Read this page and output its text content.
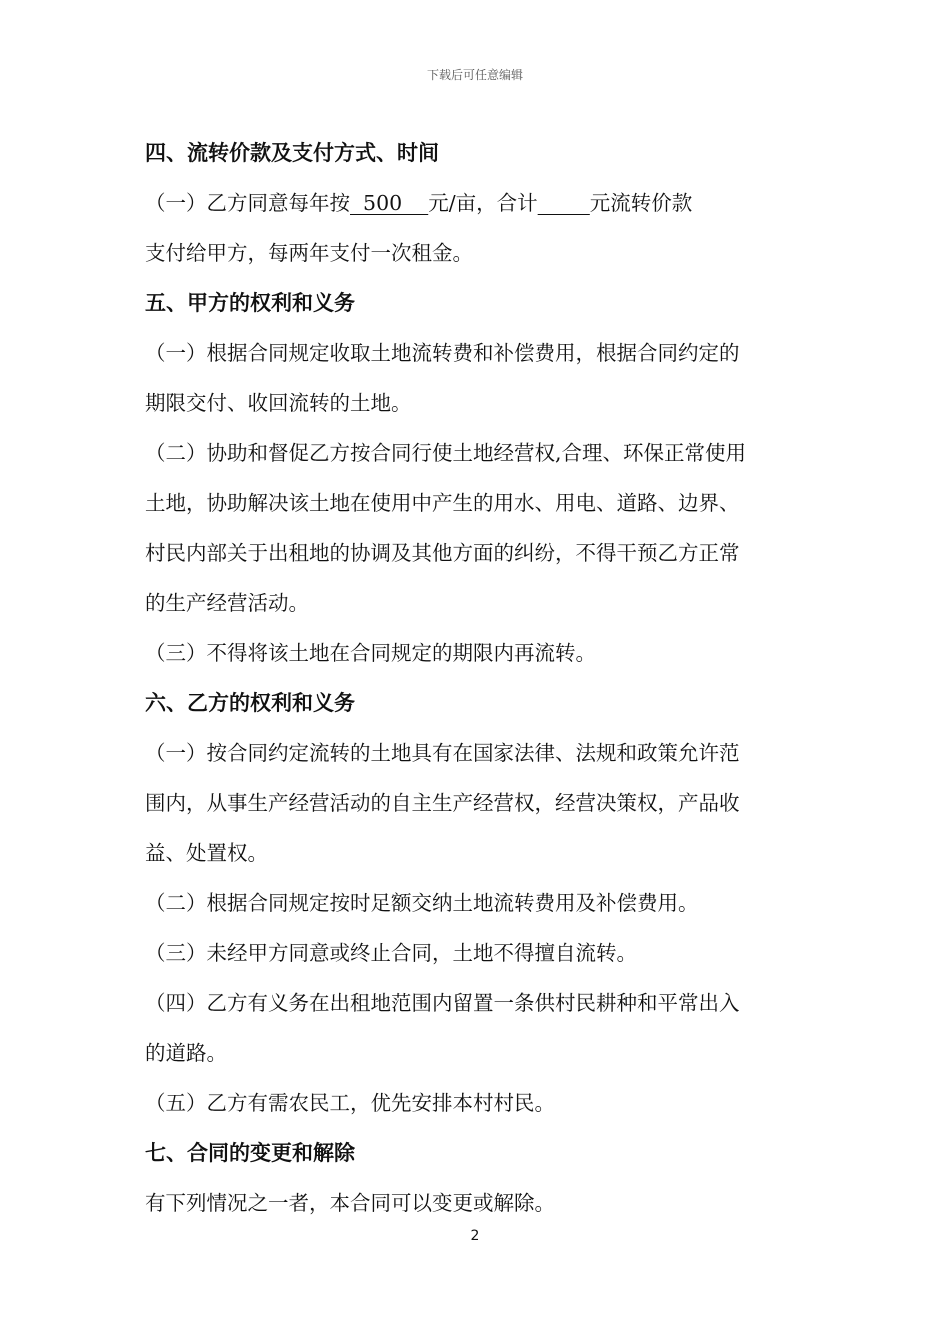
下载后可任意编辑
四、流转价款及支付方式、时间
（一）乙方同意每年按  500    元/亩，合计	元流转价款
支付给甲方，每两年支付一次租金。
五、甲方的权利和义务
（一）根据合同规定收取土地流转费和补偿费用，根据合同约定的
期限交付、收回流转的土地。
（二）协助和督促乙方按合同行使土地经营权,合理、环保正常使用
土地，协助解决该土地在使用中产生的用水、用电、道路、边界、
村民内部关于出租地的协调及其他方面的纠纷，不得干预乙方正常
的生产经营活动。
（三）不得将该土地在合同规定的期限内再流转。
六、乙方的权利和义务
（一）按合同约定流转的土地具有在国家法律、法规和政策允许范
围内，从事生产经营活动的自主生产经营权，经营决策权，产品收
益、处置权。
（二）根据合同规定按时足额交纳土地流转费用及补偿费用。
（三）未经甲方同意或终止合同，土地不得擅自流转。
（四）乙方有义务在出租地范围内留置一条供村民耕种和平常出入
的道路。
（五）乙方有需农民工，优先安排本村村民。
七、合同的变更和解除
有下列情况之一者，本合同可以变更或解除。
2
